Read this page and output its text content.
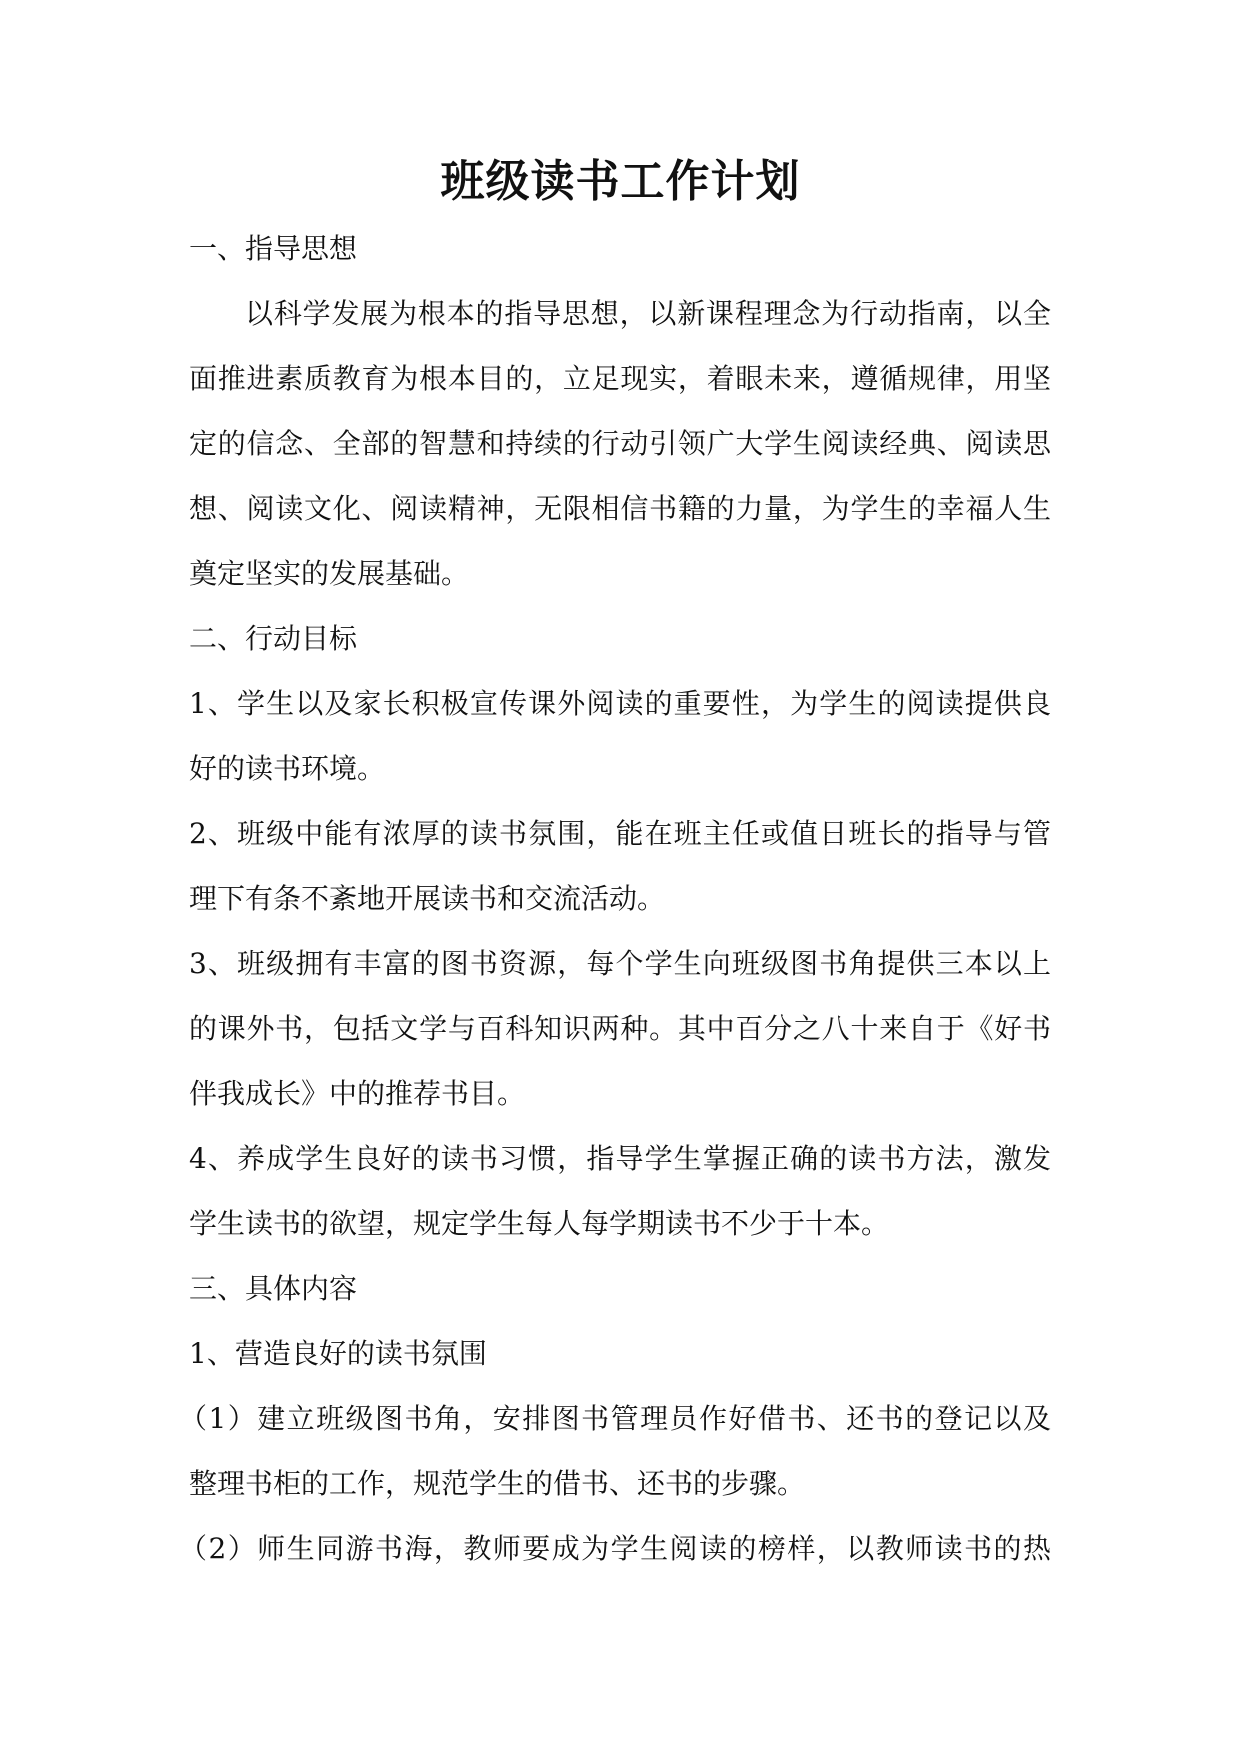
班级读书工作计划
一、指导思想
以科学发展为根本的指导思想，以新课程理念为行动指南，以全
面推进素质教育为根本目的，立足现实，着眼未来，遵循规律，用坚
定的信念、全部的智慧和持续的行动引领广大学生阅读经典、阅读思
想、阅读文化、阅读精神，无限相信书籍的力量，为学生的幸福人生
奠定坚实的发展基础。
二、行动目标
1、学生以及家长积极宣传课外阅读的重要性，为学生的阅读提供良
好的读书环境。
2、班级中能有浓厚的读书氛围，能在班主任或值日班长的指导与管
理下有条不紊地开展读书和交流活动。
3、班级拥有丰富的图书资源，每个学生向班级图书角提供三本以上
的课外书，包括文学与百科知识两种。其中百分之八十来自于《好书
伴我成长》中的推荐书目。
4、养成学生良好的读书习惯，指导学生掌握正确的读书方法，激发
学生读书的欲望，规定学生每人每学期读书不少于十本。
三、具体内容
1、营造良好的读书氛围
（1）建立班级图书角，安排图书管理员作好借书、还书的登记以及
整理书柜的工作，规范学生的借书、还书的步骤。
（2）师生同游书海，教师要成为学生阅读的榜样，以教师读书的热
